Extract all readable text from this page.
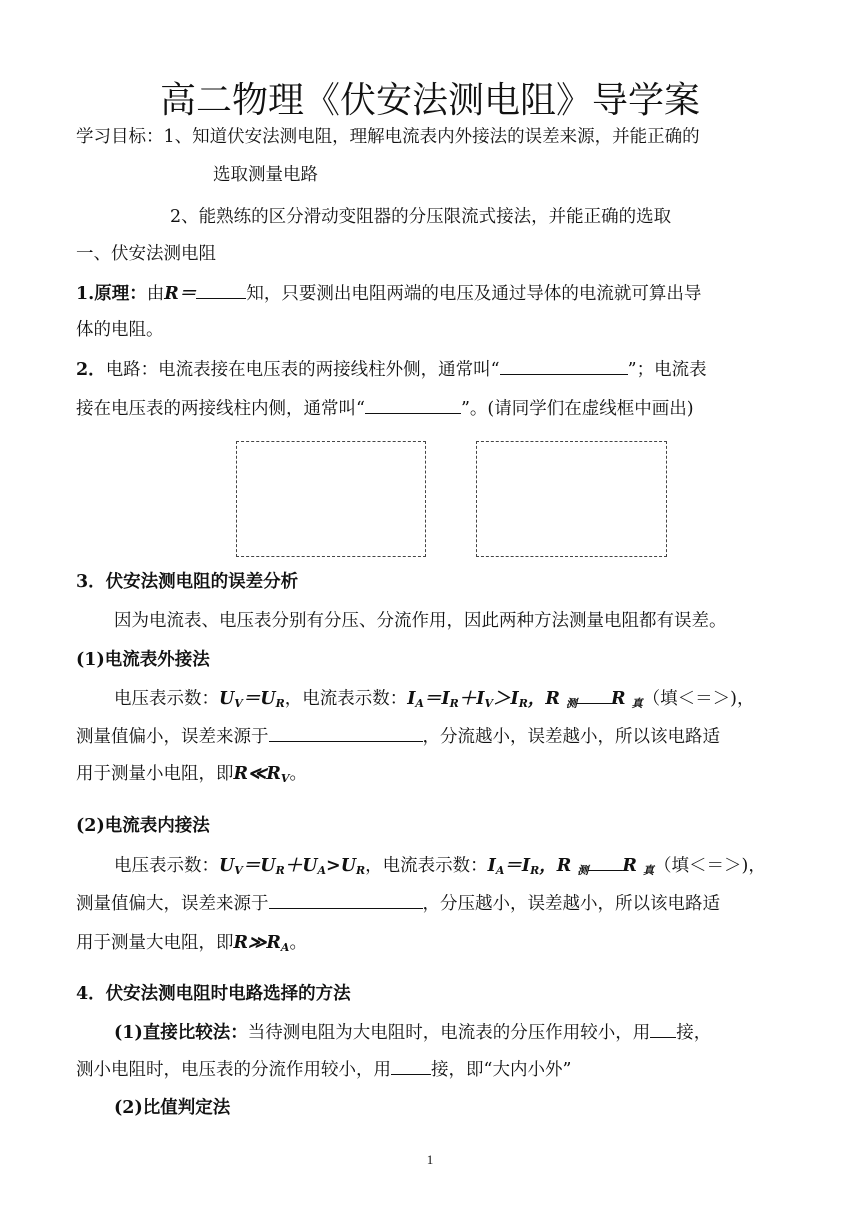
高二物理《伏安法测电阻》导学案
学习目标：1、知道伏安法测电阻，理解电流表内外接法的误差来源，并能正确的
选取测量电路
2、能熟练的区分滑动变阻器的分压限流式接法，并能正确的选取
一、伏安法测电阻
1.原理：由R＝	知，只要测出电阻两端的电压及通过导体的电流就可算出导
体的电阻。
2．电路：电流表接在电压表的两接线柱外侧，通常叫“	”；电流表
接在电压表的两接线柱内侧，通常叫“	”。(请同学们在虚线框中画出)
3．伏安法测电阻的误差分析
因为电流表、电压表分别有分压、分流作用，因此两种方法测量电阻都有误差。
(1)电流表外接法
电压表示数：UV＝UR，电流表示数：IA＝IR＋IV＞IR，R 测 R 真（填＜＝＞)，
测量值偏小，误差来源于	，分流越小，误差越小，所以该电路适
用于测量小电阻，即R≪RV。
(2)电流表内接法
电压表示数：UV＝UR＋UA>UR，电流表示数：IA＝IR，R 测 R 真（填＜＝＞)，
测量值偏大，误差来源于	，分压越小，误差越小，所以该电路适
用于测量大电阻，即R≫RA。
4．伏安法测电阻时电路选择的方法
(1)直接比较法：当待测电阻为大电阻时，电流表的分压作用较小，用 接，
测小电阻时，电压表的分流作用较小，用 接，即“大内小外”
(2)比值判定法
1
